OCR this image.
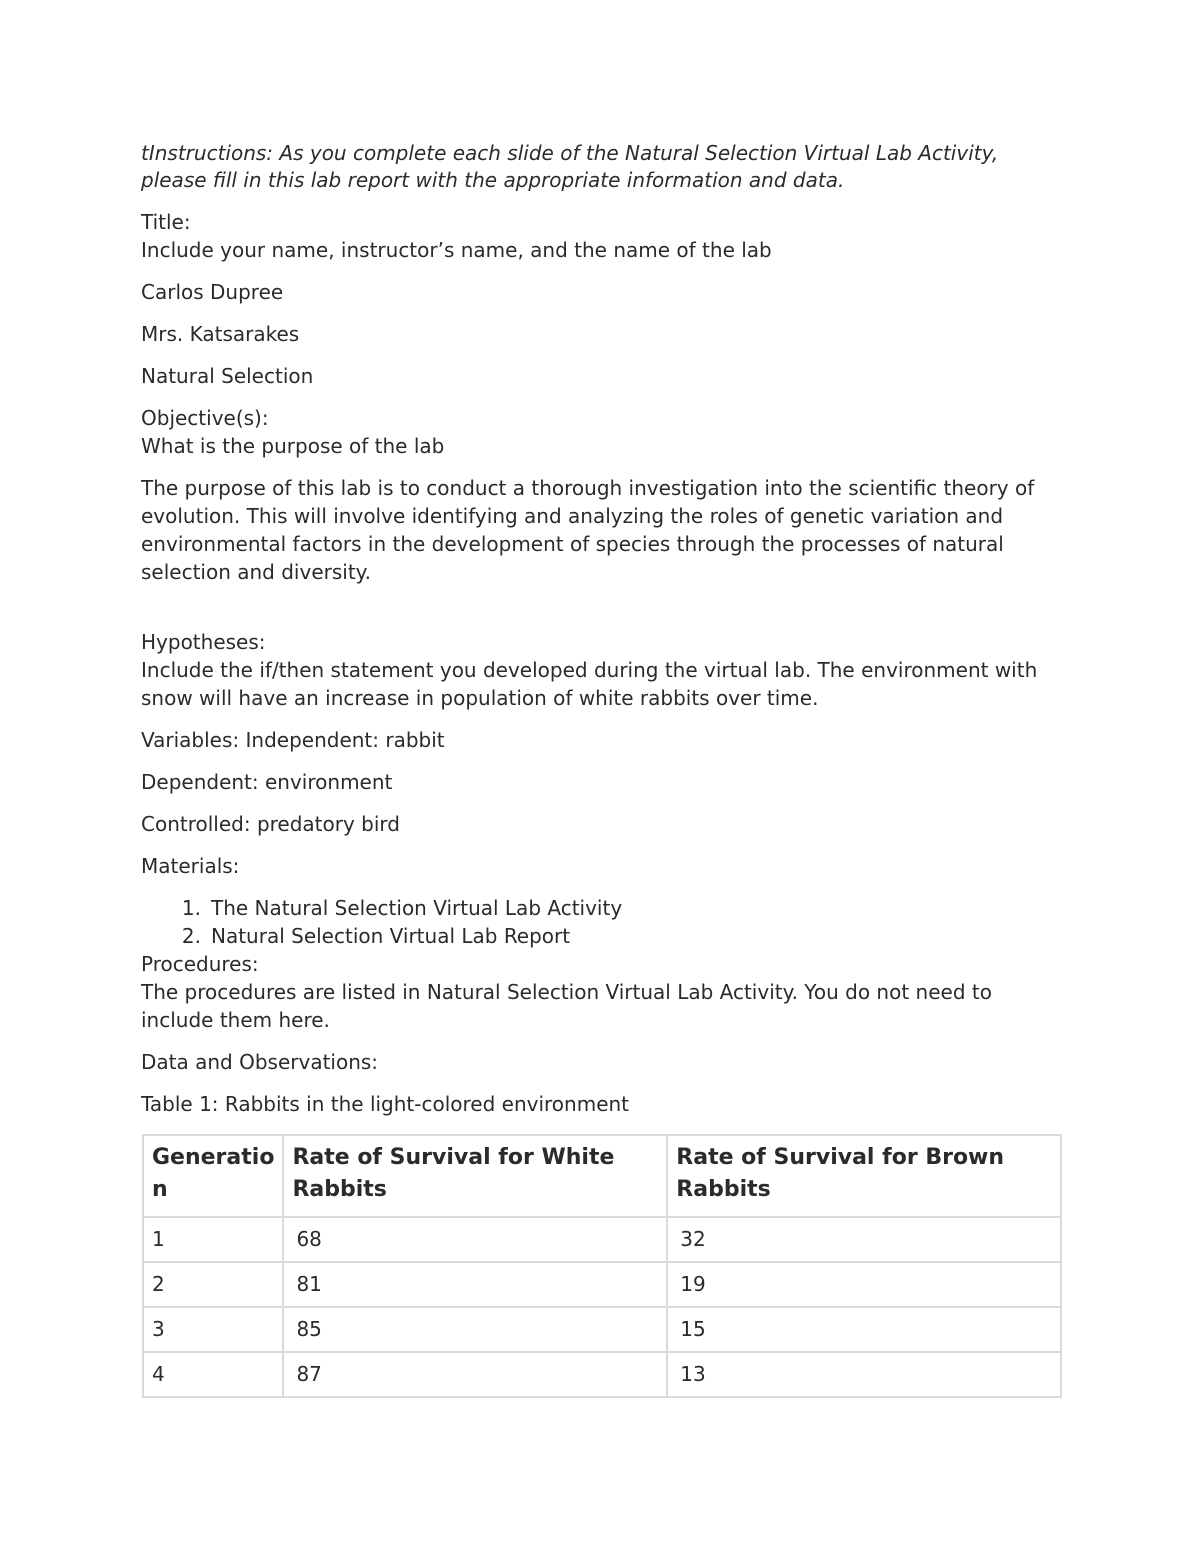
tInstructions: As you complete each slide of the Natural Selection Virtual Lab Activity, please fill in this lab report with the appropriate information and data.

Title:

Include your name, instructor’s name, and the name of the lab

Carlos Dupree

Mrs. Katsarakes

Natural Selection

Objective(s):

What is the purpose of the lab

The purpose of this lab is to conduct a thorough investigation into the scientific theory of evolution. This will involve identifying and analyzing the roles of genetic variation and environmental factors in the development of species through the processes of natural selection and diversity.

Hypotheses:

Include the if/then statement you developed during the virtual lab. The environment with snow will have an increase in population of white rabbits over time.

Variables: Independent: rabbit

Dependent: environment

Controlled: predatory bird

Materials:

1. The Natural Selection Virtual Lab Activity
2. Natural Selection Virtual Lab Report

Procedures:

The procedures are listed in Natural Selection Virtual Lab Activity. You do not need to include them here.

Data and Observations:

Table 1: Rabbits in the light-colored environment

Generatio n	Rate of Survival for White Rabbits	Rate of Survival for Brown Rabbits
1	68	32
2	81	19
3	85	15
4	87	13
